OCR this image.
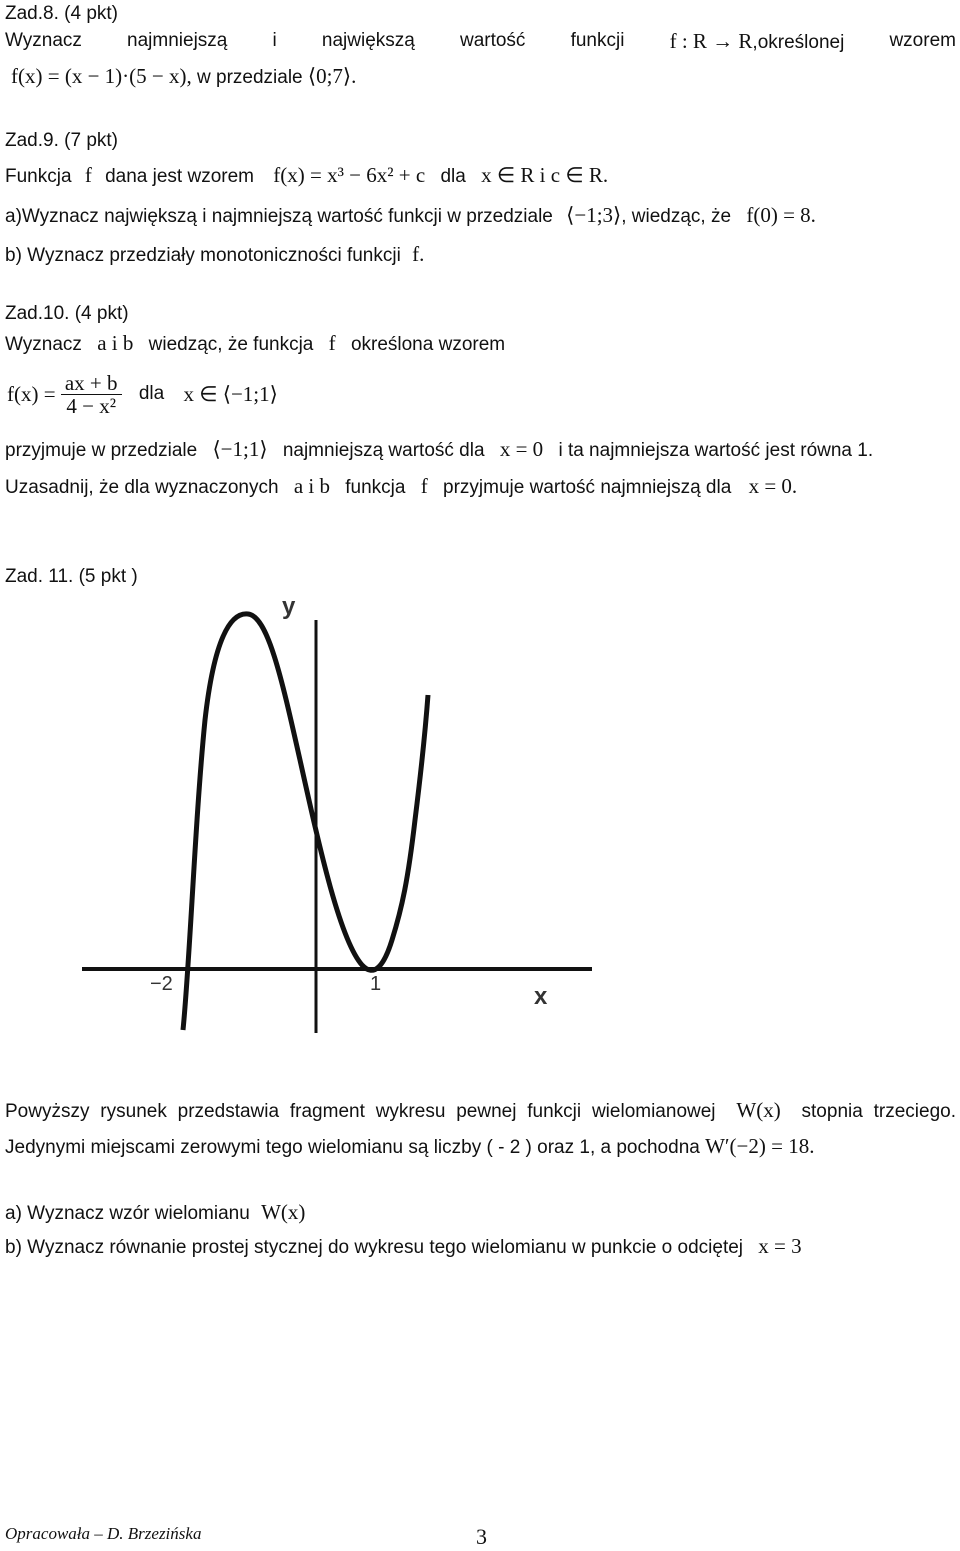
Zad.8. (4 pkt)
Wyznacz najmniejszą i największą wartość funkcji f : R → R,określonej wzorem
f(x) = (x − 1)·(5 − x), w przedziale ⟨0;7⟩.
Zad.9. (7 pkt)
Funkcja f dana jest wzorem f(x) = x³ − 6x² + c dla x ∈ R i c ∈ R.
a)Wyznacz największą i najmniejszą wartość funkcji w przedziale ⟨−1;3⟩, wiedząc, że f(0) = 8.
b) Wyznacz przedziały monotoniczności funkcji f.
Zad.10. (4 pkt)
Wyznacz a i b wiedząc, że funkcja f określona wzorem
$f(x) = \frac{ax + b}{\text{4 − x²}}$ dla x ∈ ⟨−1;1⟩
przyjmuje w przedziale ⟨−1;1⟩ najmniejszą wartość dla x = 0 i ta najmniejsza wartość jest równa 1.
Uzasadnij, że dla wyznaczonych a i b funkcja f przyjmuje wartość najmniejszą dla x = 0.
Zad. 11. (5 pkt )
y
x
−2	1
Powyższy rysunek przedstawia fragment wykresu pewnej funkcji wielomianowej W(x) stopnia trzeciego. Jedynymi miejscami zerowymi tego wielomianu są liczby ( - 2 ) oraz 1, a pochodna W′(−2) = 18.
a) Wyznacz wzór wielomianu W(x)
b) Wyznacz równanie prostej stycznej do wykresu tego wielomianu w punkcie o odciętej x = 3
Opracowała – D. Brzezińska	3
